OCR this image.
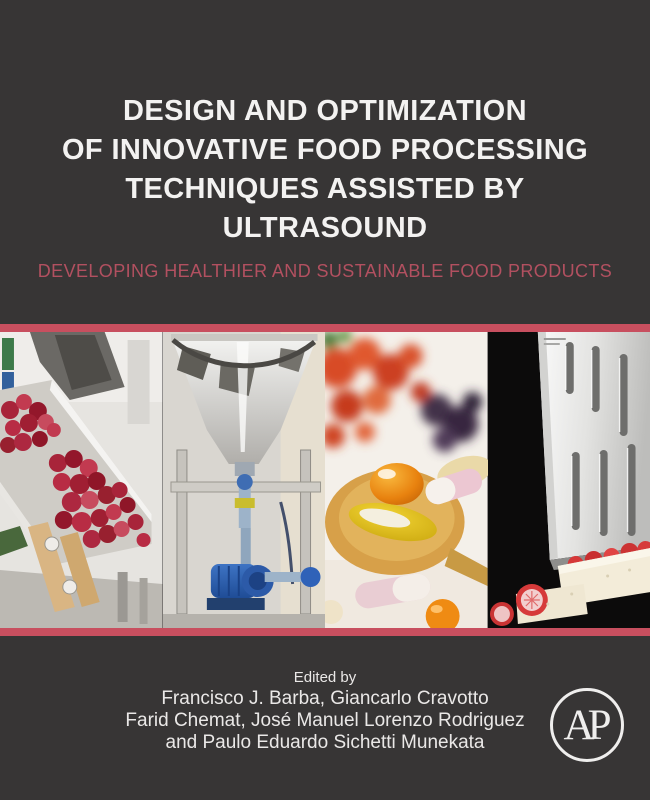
DESIGN AND OPTIMIZATION
OF INNOVATIVE FOOD PROCESSING
TECHNIQUES ASSISTED BY
ULTRASOUND
DEVELOPING HEALTHIER AND SUSTAINABLE FOOD PRODUCTS
Edited by
Francisco J. Barba, Giancarlo Cravotto
Farid Chemat, José Manuel Lorenzo Rodriguez
and Paulo Eduardo Sichetti Munekata	AP
